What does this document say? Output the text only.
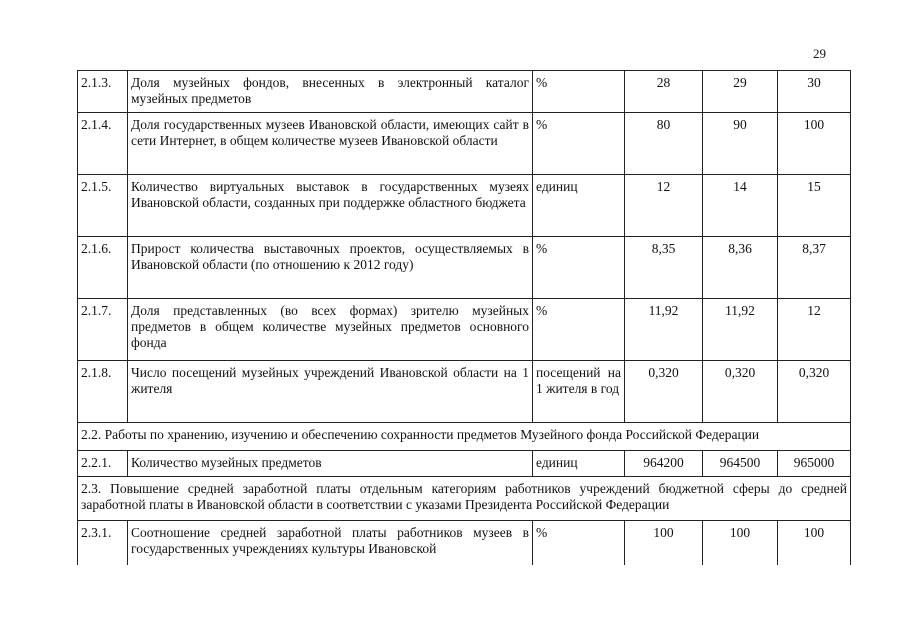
29
2.1.3.	Доля музейных фондов, внесенных в электронный каталог музейных предметов	%	28	29	30
2.1.4.	Доля государственных музеев Ивановской области, имеющих сайт в сети Интернет, в общем количестве музеев Ивановской области	%	80	90	100
2.1.5.	Количество виртуальных выставок в государственных музеях Ивановской области, созданных при поддержке областного бюджета	единиц	12	14	15
2.1.6.	Прирост количества выставочных проектов, осуществляемых в Ивановской области (по отношению к 2012 году)	%	8,35	8,36	8,37
2.1.7.	Доля представленных (во всех формах) зрителю музейных предметов в общем количестве музейных предметов основного фонда	%	11,92	11,92	12
2.1.8.	Число посещений музейных учреждений Ивановской области на 1 жителя	посещений на 1 жителя в год	0,320	0,320	0,320
2.2. Работы по хранению, изучению и обеспечению сохранности предметов Музейного фонда Российской Федерации					
2.2.1.	Количество музейных предметов	единиц	964200	964500	965000
2.3. Повышение средней заработной платы отдельным категориям работников учреждений бюджетной сферы до средней заработной платы в Ивановской области в соответствии с указами Президента Российской Федерации					
2.3.1.	Соотношение средней заработной платы работников музеев в государственных учреждениях культуры Ивановской	%	100	100	100
